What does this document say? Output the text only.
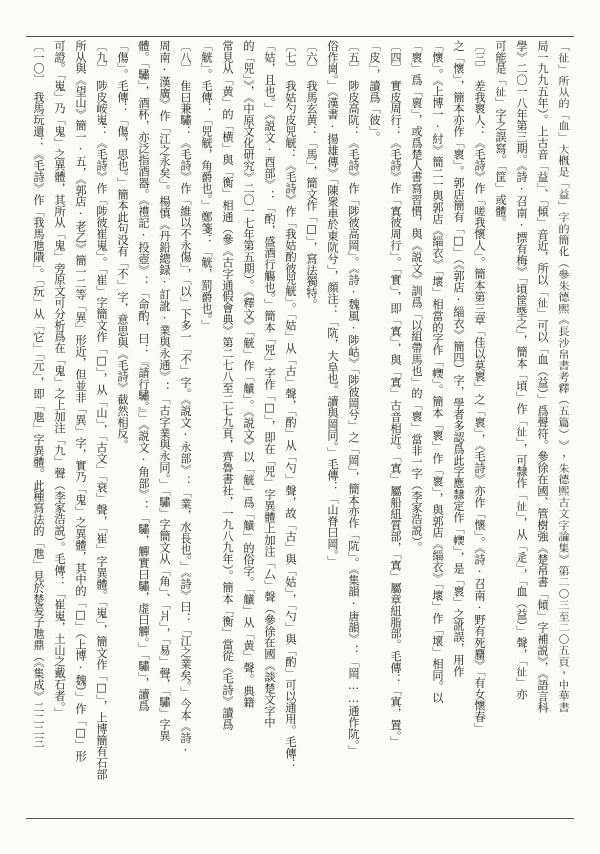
「𢓊」所从的「血」大概是「益」字的簡化（參朱德熙《長沙帛書考釋（五篇）》，朱德熙古文字論集》第二〇三至二〇五頁，中華書
局一九九五年）。上古音「益」、「傾」音近，所以「𢓊」可以「血（益）」爲聲符。參徐在國、管樹強《楚帛書「傾」字補説》，《語言科
學》二〇一八年第三期。《詩·召南·摽有梅》「頃筐塈之」，簡本「頃」作「𢓊」，可隸作「𢓊」，从「辵」，「血（益）」聲，「𢓊」亦
可能是「𢓊」字之誤寫。「筐」或體。
〔三〕　差我褱人：《毛詩》作「嗟我懷人」。簡本第三章「佳以莫褱」之「褱」，《毛詩》亦作「懷」。《詩·召南·野有死麕》「有女懷春」
之「懷」，簡本亦作「褱」。郭店簡有「□」（《郭店·緇衣》簡四）字，學者多認爲此字應隸定作「𢅽」，是「褱」之訛誤，用作
「懷」。《上博一·紂》簡二一與郭店《緇衣》「壞」相當的字作「𢅽」。簡本「褱」作「褱」，與郭店《緇衣》「壞」作「壞」相同。以
「褱」爲「褱」，或爲楚人書寫習慣，與《説文》訓爲「以組帶馬也」的「褱」當非一字（李家浩説）。
〔四〕　實皮周行：《毛詩》作「寘彼周行」。「實」，即「寘」，與「寘」古音相近。「寘」屬船紐質部，「寘」屬章紐脂部。毛傳：「寘，置。」
「皮」，讀爲「彼」。
〔五〕　陟皮高阬：《毛詩》作「陟彼高岡」。《詩·魏風·陟岵》「陟彼岡兮」之「岡」，簡本亦作「阬」。《集韻·唐韻》：「岡……通作阬。」
俗作崗。」《漢書·揚雄傳》「陳衆車於東阬兮」，顔注：「阬，大阜也。讀與岡同。」毛傳：「山脊曰岡。」
〔六〕　我馬玄黄：「馬」，簡文作「□」，寫法獨特。
〔七〕　我姑勺皮兕觥：《毛詩》作「我姑酌彼兕觥」。「姑」从「古」聲，「酌」从「勺」聲，故「古」與「姑」，「勺」與「酌」可以通用。毛傳：
「姑，且也。」《説文·酉部》：「酌，盛酒行觴也。」簡本「兕」字作「□」，即在「兕」字異體上加注「厶」聲（參徐在國《談楚文字中
的「兕」》，《中原文化研究》二〇一七年第五期）。《釋文》「觥」作「觵」。《説文》以「觥」爲「觵」的俗字。「觵」从「黄」聲。典籍
常見从「黄」的「横」與「衡」相通（參《古字通假會典》第二七八至二七九頁，齊魯書社，一九八九年）。簡本「衡」當從《毛詩》讀爲
「觥」。毛傳：「兕觥，角爵也。」鄭箋：「觥，罰爵也。」
〔八〕　隹曰兼驌：《毛詩》作「維以不永傷」，「以」下多一「不」字。《説文·永部》：「業，水長也。」《詩》曰：「江之業矣。」今本《詩·
周南·漢廣》作「江之永矣」。楊慎《丹鉛總録·訂訛·業與永通》：「古字業與永同。」「驌」字簡文从「角」、「爿」，「易」聲，「驌」字異
體。「驌」，酒杯，亦泛指酒器。《禮記·投壺》：「命酌，曰：『請行驌。』」《説文·角部》：「驌，觶實曰驌，虚曰觶。」「驌」，讀爲
「傷」。毛傳：「傷，思也。」簡本此句没有「不」字，意思與《毛詩》截然相反。
〔九〕　陟皮峖嵬：《毛詩》作「陟彼崔嵬」。「崔」字簡文作「□」，从「山」，「古文」「衰」聲，「崔」字異體。「嵬」，簡文作「□」，上博簡有石部
所从與《望山》簡一·五，《郭店·老乙》簡一二等「異」形近，但並非「異」字，實乃「鬼」之異體，其中的「□」（上博·魏）」作「□」形
可證。「嵬」乃「鬼」之異體，其所从「鬼」旁原文可分析爲在「鬼」之上加注「九」聲（李家浩説）。毛傳：「崔嵬，土山之戴石者。」
〔一〇〕　我馬玩遺：《毛詩》作「我馬虺隤」。「玩」从「它」「元」，即「虺」字異體。此種寫法的「虺」見於楚爰子虺鼎（《集成》二二二三
